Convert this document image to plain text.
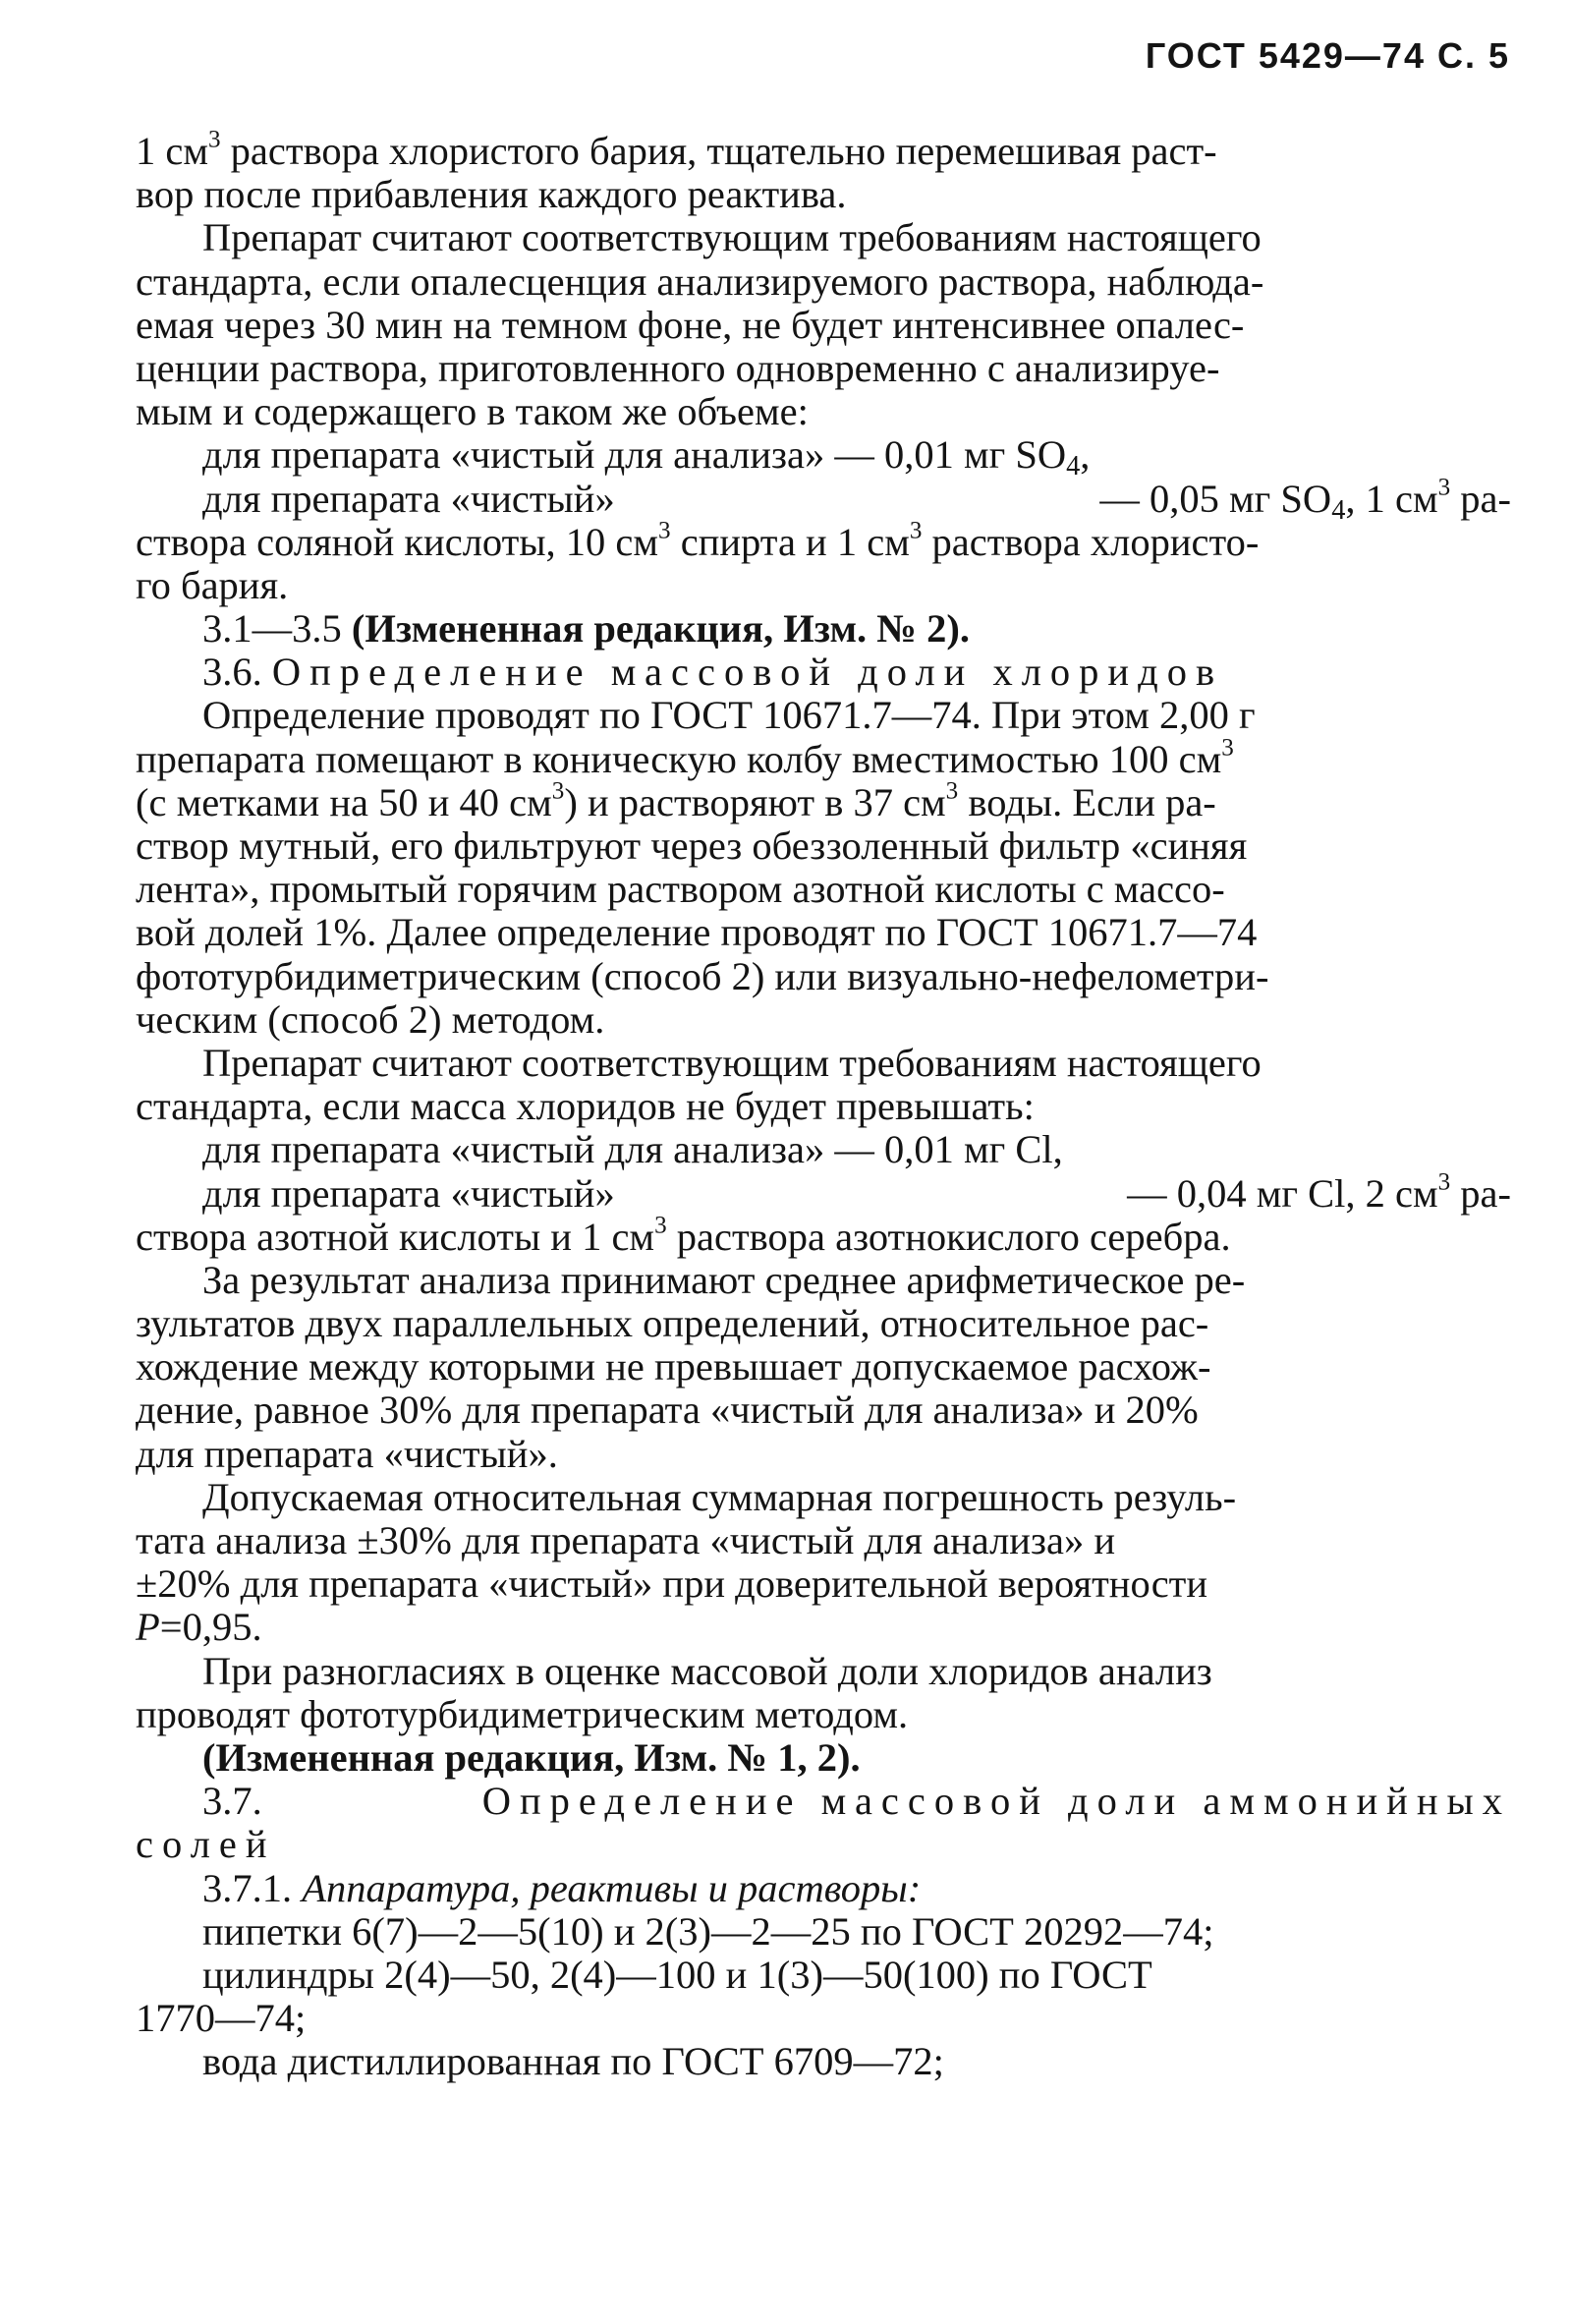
ГОСТ 5429—74 С. 5
1 $см^3$ раствора хлористого бария, тщательно перемешивая раст-
вор после прибавления каждого реактива.
Препарат считают соответствующим требованиям настоящего
стандарта, если опалесценция анализируемого раствора, наблюда-
емая через 30 мин на темном фоне, не будет интенсивнее опалес-
ценции раствора, приготовленного одновременно с анализируе-
мым и содержащего в таком же объеме:
для препарата «чистый для анализа» — 0,01 мг $SO_4$,
для препарата «чистый»	— 0,05 мг $SO_4$, 1 $см^3$ ра-
створа соляной кислоты, 10 $см^3$ спирта и 1 $см^3$ раствора хлористо-
го бария.
3.1—3.5 (Измененная редакция, Изм. № 2).
3.6. Определение массовой доли хлоридов
Определение проводят по ГОСТ 10671.7—74. При этом 2,00 г
препарата помещают в коническую колбу вместимостью 100 $см^3$
(с метками на 50 и 40 $см^3$) и растворяют в 37 $см^3$ воды. Если ра-
створ мутный, его фильтруют через обеззоленный фильтр «синяя
лента», промытый горячим раствором азотной кислоты с массо-
вой долей 1%. Далее определение проводят по ГОСТ 10671.7—74
фототурбидиметрическим (способ 2) или визуально-нефелометри-
ческим (способ 2) методом.
Препарат считают соответствующим требованиям настоящего
стандарта, если масса хлоридов не будет превышать:
для препарата «чистый для анализа» — 0,01 мг Cl,
для препарата «чистый»	— 0,04 мг Cl, 2 $см^3$ ра-
створа азотной кислоты и 1 $см^3$ раствора азотнокислого серебра.
За результат анализа принимают среднее арифметическое ре-
зультатов двух параллельных определений, относительное рас-
хождение между которыми не превышает допускаемое расхож-
дение, равное 30% для препарата «чистый для анализа» и 20%
для препарата «чистый».
Допускаемая относительная суммарная погрешность резуль-
тата анализа ±30% для препарата «чистый для анализа» и
±20% для препарата «чистый» при доверительной вероятности
P =0,95.
При разногласиях в оценке массовой доли хлоридов анализ
проводят фототурбидиметрическим методом.
(Измененная редакция, Изм. № 1, 2).
3.7.	Определение массовой доли аммонийных
солей
3.7.1. Аппаратура, реактивы и растворы:
пипетки 6(7)—2—5(10) и 2(3)—2—25 по ГОСТ 20292—74;
цилиндры 2(4)—50, 2(4)—100 и 1(3)—50(100) по ГОСТ
1770—74;
вода дистиллированная по ГОСТ 6709—72;
